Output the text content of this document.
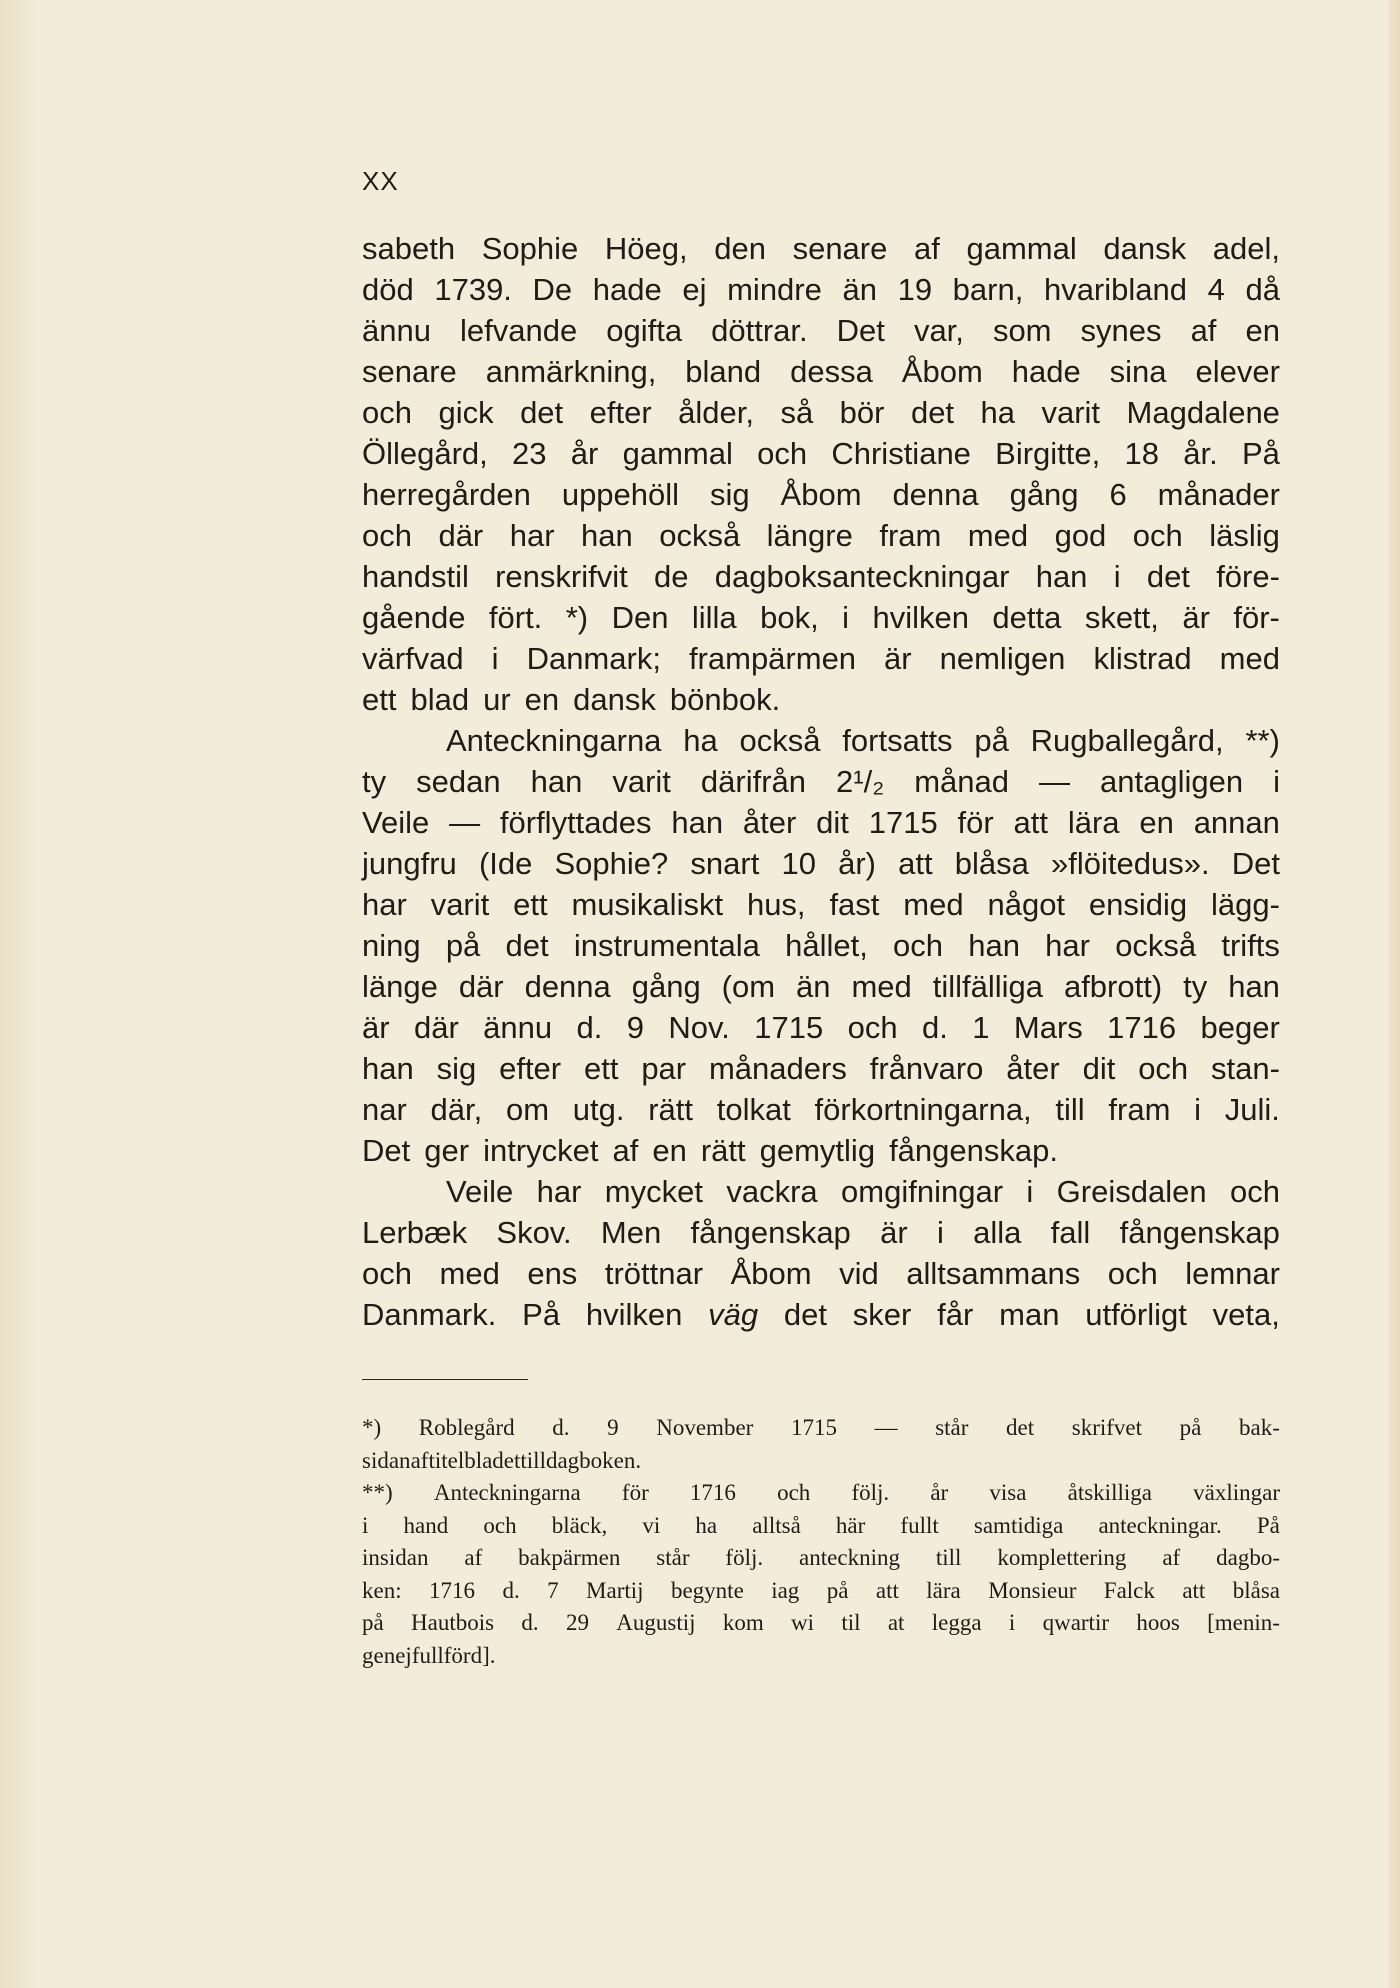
XX
sabeth Sophie Höeg, den senare af gammal dansk adel,
död 1739. De hade ej mindre än 19 barn, hvaribland 4 då
ännu lefvande ogifta döttrar. Det var, som synes af en
senare anmärkning, bland dessa Åbom hade sina elever
och gick det efter ålder, så bör det ha varit Magdalene
Öllegård, 23 år gammal och Christiane Birgitte, 18 år. På
herregården uppehöll sig Åbom denna gång 6 månader
och där har han också längre fram med god och läslig
handstil renskrifvit de dagboksanteckningar han i det före-
gående fört. *) Den lilla bok, i hvilken detta skett, är för-
värfvad i Danmark; frampärmen är nemligen klistrad med
ett blad ur en dansk bönbok.
Anteckningarna ha också fortsatts på Rugballegård, **)
ty sedan han varit därifrån 2¹/₂ månad — antagligen i
Veile — förflyttades han åter dit 1715 för att lära en annan
jungfru (Ide Sophie? snart 10 år) att blåsa »flöitedus». Det
har varit ett musikaliskt hus, fast med något ensidig lägg-
ning på det instrumentala hållet, och han har också trifts
länge där denna gång (om än med tillfälliga afbrott) ty han
är där ännu d. 9 Nov. 1715 och d. 1 Mars 1716 beger
han sig efter ett par månaders frånvaro åter dit och stan-
nar där, om utg. rätt tolkat förkortningarna, till fram i Juli.
Det ger intrycket af en rätt gemytlig fångenskap.
Veile har mycket vackra omgifningar i Greisdalen och
Lerbæk Skov. Men fångenskap är i alla fall fångenskap
och med ens tröttnar Åbom vid alltsammans och lemnar
Danmark. På hvilken väg det sker får man utförligt veta,
*) Roblegård d. 9 November 1715 — står det skrifvet på bak-
sidan af titelbladet till dagboken.
**) Anteckningarna för 1716 och följ. år visa åtskilliga växlingar
i hand och bläck, vi ha alltså här fullt samtidiga anteckningar. På
insidan af bakpärmen står följ. anteckning till komplettering af dagbo-
ken: 1716 d. 7 Martij begynte iag på att lära Monsieur Falck att blåsa
på Hautbois d. 29 Augustij kom wi til at legga i qwartir hoos [menin-
gen ej fullförd].
